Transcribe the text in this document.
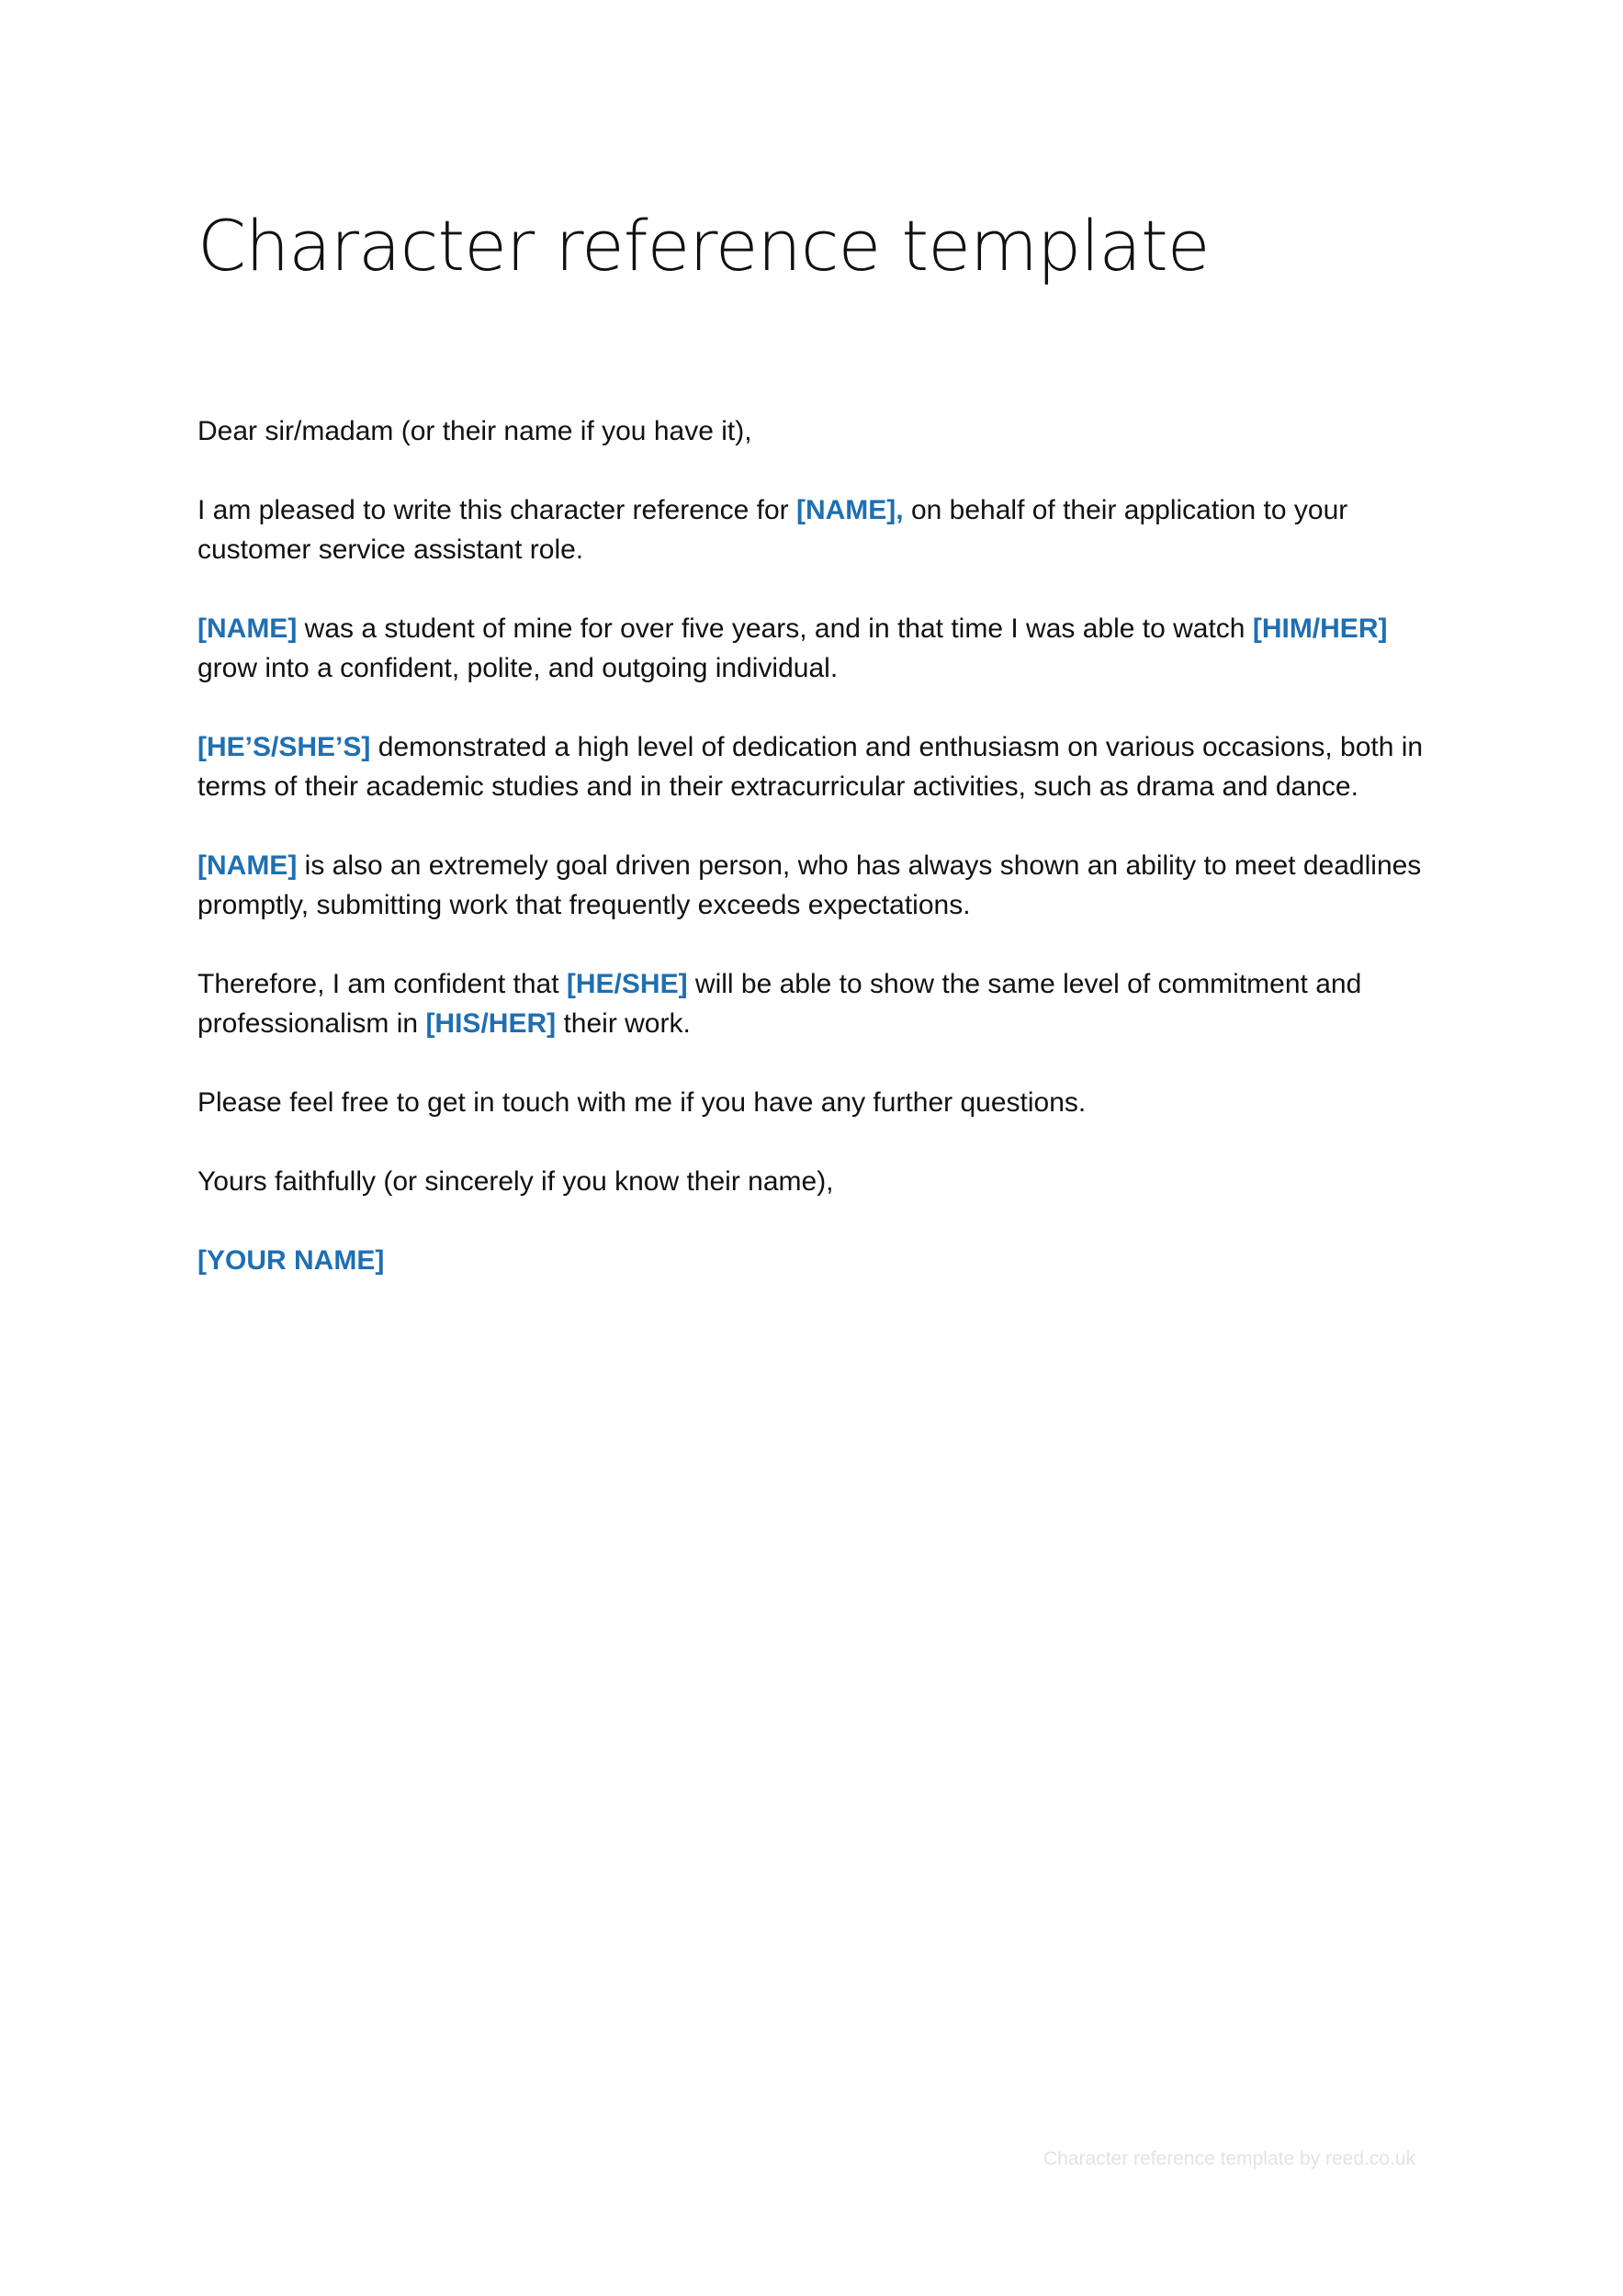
Character reference template

Dear sir/madam (or their name if you have it),

I am pleased to write this character reference for [NAME], on behalf of their application to your customer service assistant role.

[NAME] was a student of mine for over five years, and in that time I was able to watch [HIM/HER] grow into a confident, polite, and outgoing individual.

[HE’S/SHE’S] demonstrated a high level of dedication and enthusiasm on various occasions, both in terms of their academic studies and in their extracurricular activities, such as drama and dance.

[NAME] is also an extremely goal driven person, who has always shown an ability to meet deadlines promptly, submitting work that frequently exceeds expectations.

Therefore, I am confident that [HE/SHE] will be able to show the same level of commitment and professionalism in [HIS/HER] their work.

Please feel free to get in touch with me if you have any further questions.

Yours faithfully (or sincerely if you know their name),

[YOUR NAME]

Character reference template by reed.co.uk
